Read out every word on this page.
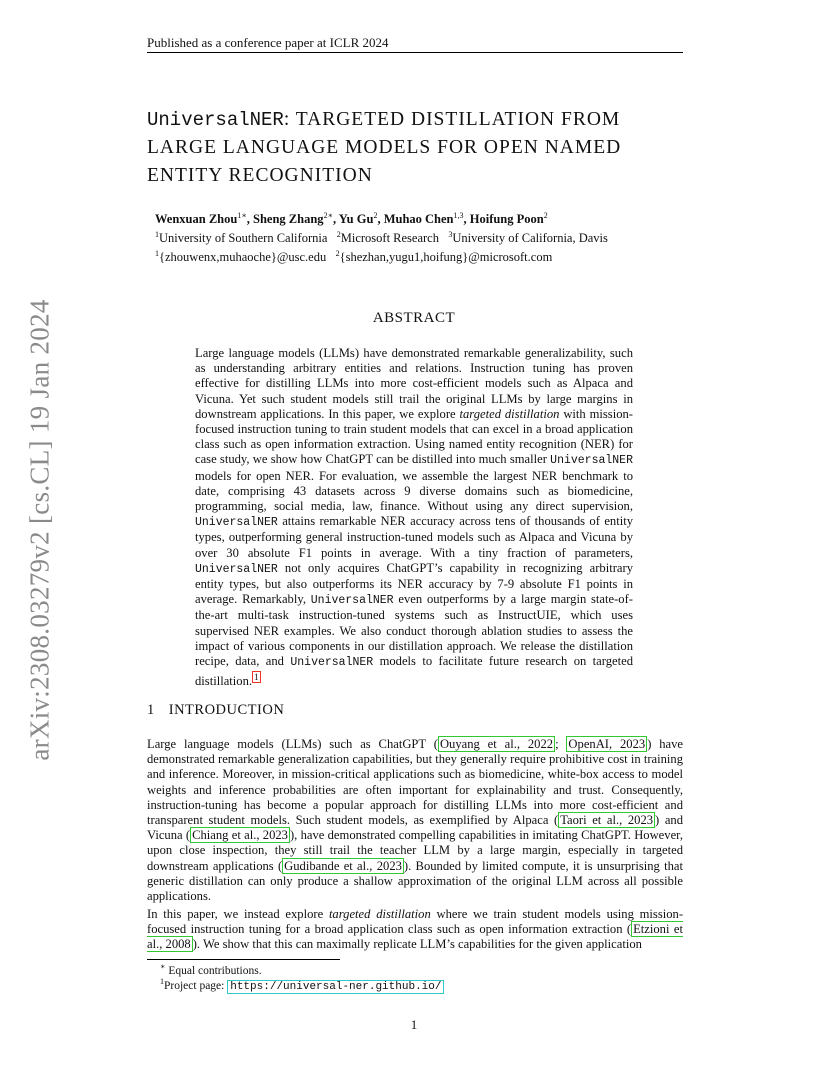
Published as a conference paper at ICLR 2024
arXiv:2308.03279v2 [cs.CL] 19 Jan 2024
UniversalNER: TARGETED DISTILLATION FROM
LARGE LANGUAGE MODELS FOR OPEN NAMED
ENTITY RECOGNITION
Wenxuan Zhou$^{1∗}$, Sheng Zhang$^{2∗}$, Yu Gu$^2$, Muhao Chen$^{1,3}$, Hoifung Poon$^2$
$^1$University of Southern California $^2$Microsoft Research $^3$University of California, Davis
$^1${zhouwenx,muhaoche}@usc.edu $^2${shezhan,yugu1,hoifung}@microsoft.com
ABSTRACT
Large language models (LLMs) have demonstrated remarkable generalizability, such as understanding arbitrary entities and relations. Instruction tuning has proven effective for distilling LLMs into more cost-efficient models such as Alpaca and Vicuna. Yet such student models still trail the original LLMs by large margins in downstream applications. In this paper, we explore targeted distillation with mission-focused instruction tuning to train student models that can excel in a broad application class such as open information extraction. Using named entity recognition (NER) for case study, we show how ChatGPT can be distilled into much smaller UniversalNER models for open NER. For evaluation, we assemble the largest NER benchmark to date, comprising 43 datasets across 9 diverse domains such as biomedicine, programming, social media, law, finance. Without using any direct supervision, UniversalNER attains remarkable NER accuracy across tens of thousands of entity types, outperforming general instruction-tuned models such as Alpaca and Vicuna by over 30 absolute F1 points in average. With a tiny fraction of parameters, UniversalNER not only acquires ChatGPT’s capability in recognizing arbitrary entity types, but also outperforms its NER accuracy by 7-9 absolute F1 points in average. Remarkably, UniversalNER even outperforms by a large margin state-of-the-art multi-task instruction-tuned systems such as InstructUIE, which uses supervised NER examples. We also conduct thorough ablation studies to assess the impact of various components in our distillation approach. We release the distillation recipe, data, and UniversalNER models to facilitate future research on targeted distillation. $^1$
1 INTRODUCTION
Large language models (LLMs) such as ChatGPT ( Ouyang et al., 2022 ; OpenAI, 2023 ) have demonstrated remarkable generalization capabilities, but they generally require prohibitive cost in training and inference. Moreover, in mission-critical applications such as biomedicine, white-box access to model weights and inference probabilities are often important for explainability and trust. Consequently, instruction-tuning has become a popular approach for distilling LLMs into more cost-efficient and transparent student models. Such student models, as exemplified by Alpaca ( Taori et al., 2023 ) and Vicuna ( Chiang et al., 2023 ), have demonstrated compelling capabilities in imitating ChatGPT. However, upon close inspection, they still trail the teacher LLM by a large margin, especially in targeted downstream applications ( Gudibande et al., 2023 ). Bounded by limited compute, it is unsurprising that generic distillation can only produce a shallow approximation of the original LLM across all possible applications.
In this paper, we instead explore targeted distillation where we train student models using mission-focused instruction tuning for a broad application class such as open information extraction ( Etzioni et al., 2008 ). We show that this can maximally replicate LLM’s capabilities for the given application
∗ Equal contributions.
$^1$Project page: https://universal-ner.github.io/
1
